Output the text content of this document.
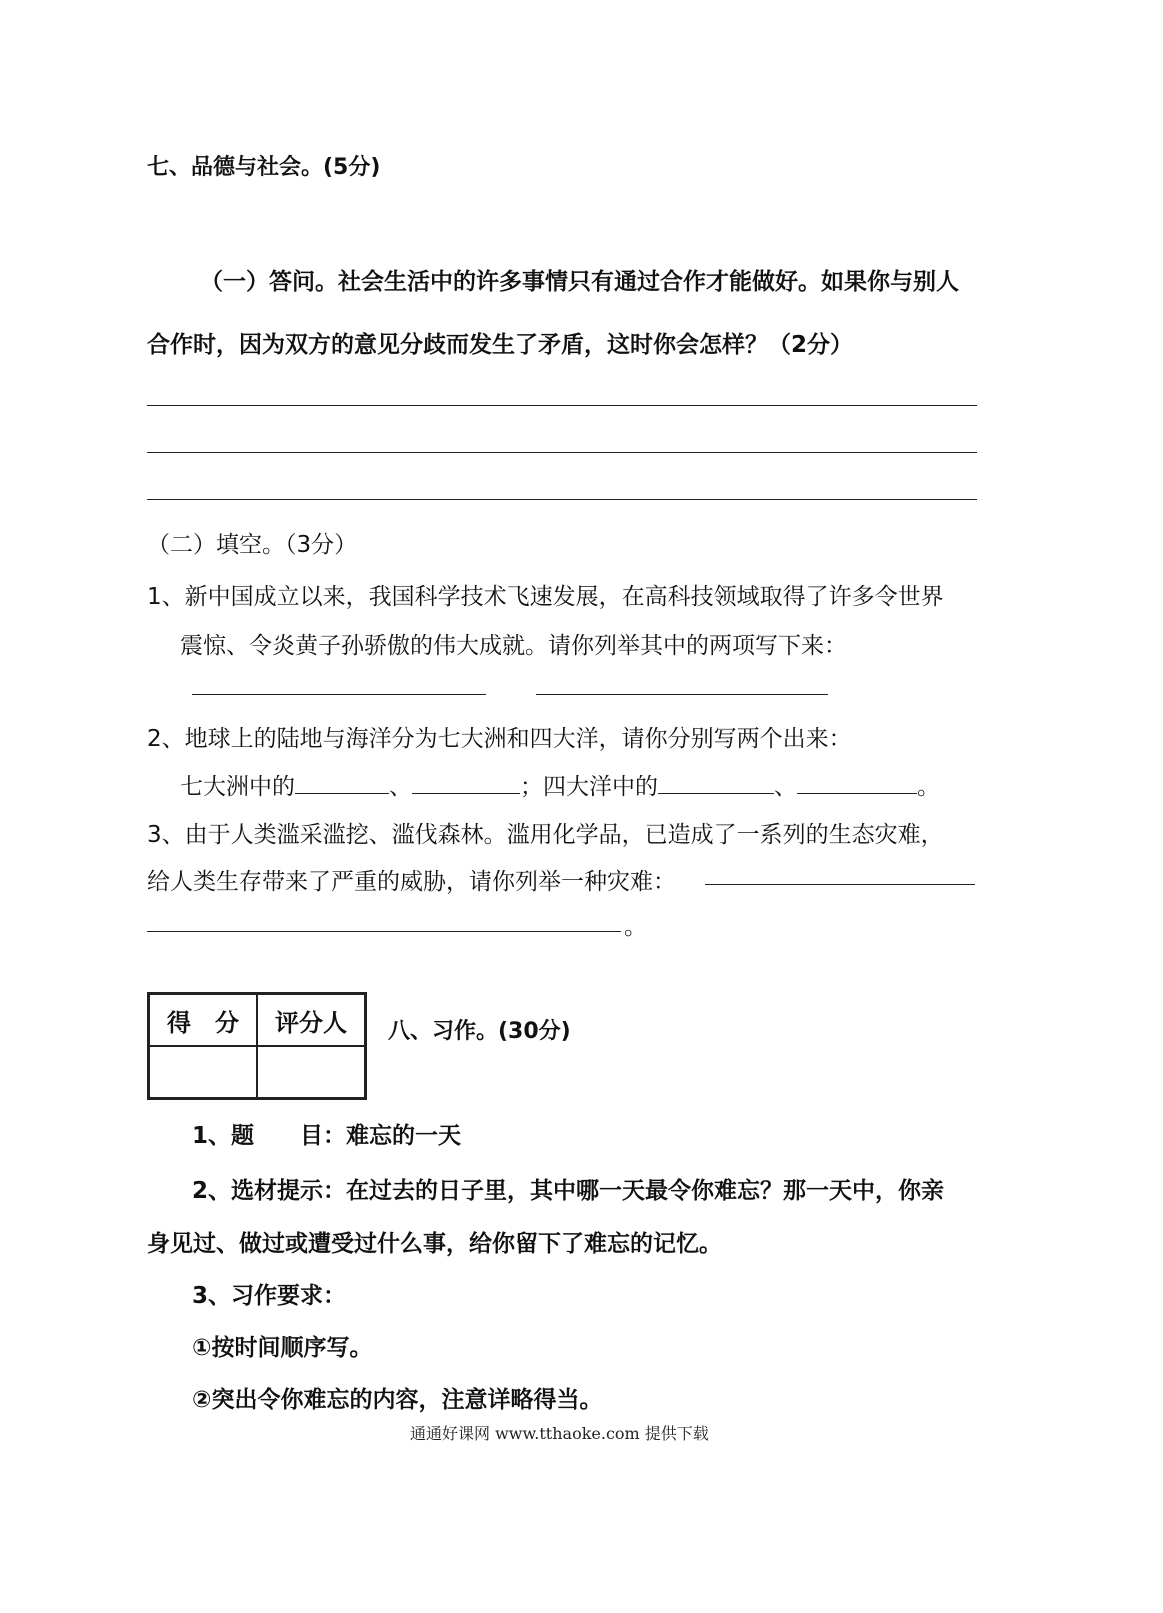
七、品德与社会。(5分)
（一）答问。社会生活中的许多事情只有通过合作才能做好。如果你与别人
合作时，因为双方的意见分歧而发生了矛盾，这时你会怎样？（2分）
（二）填空。（3分）
1、新中国成立以来，我国科学技术飞速发展，在高科技领域取得了许多令世界
震惊、令炎黄子孙骄傲的伟大成就。请你列举其中的两项写下来：
2、地球上的陆地与海洋分为七大洲和四大洋，请你分别写两个出来：
七大洲中的	、	；四大洋中的	、	。
3、由于人类滥采滥挖、滥伐森林。滥用化学品，已造成了一系列的生态灾难，
给人类生存带来了严重的威胁，请你列举一种灾难：
。
得　分	评分人
	八、习作。(30分)
1、题　　目：难忘的一天
2、选材提示：在过去的日子里，其中哪一天最令你难忘？那一天中，你亲
身见过、做过或遭受过什么事，给你留下了难忘的记忆。
3、习作要求：
①按时间顺序写。
②突出令你难忘的内容，注意详略得当。
通通好课网 www.tthaoke.com 提供下载
